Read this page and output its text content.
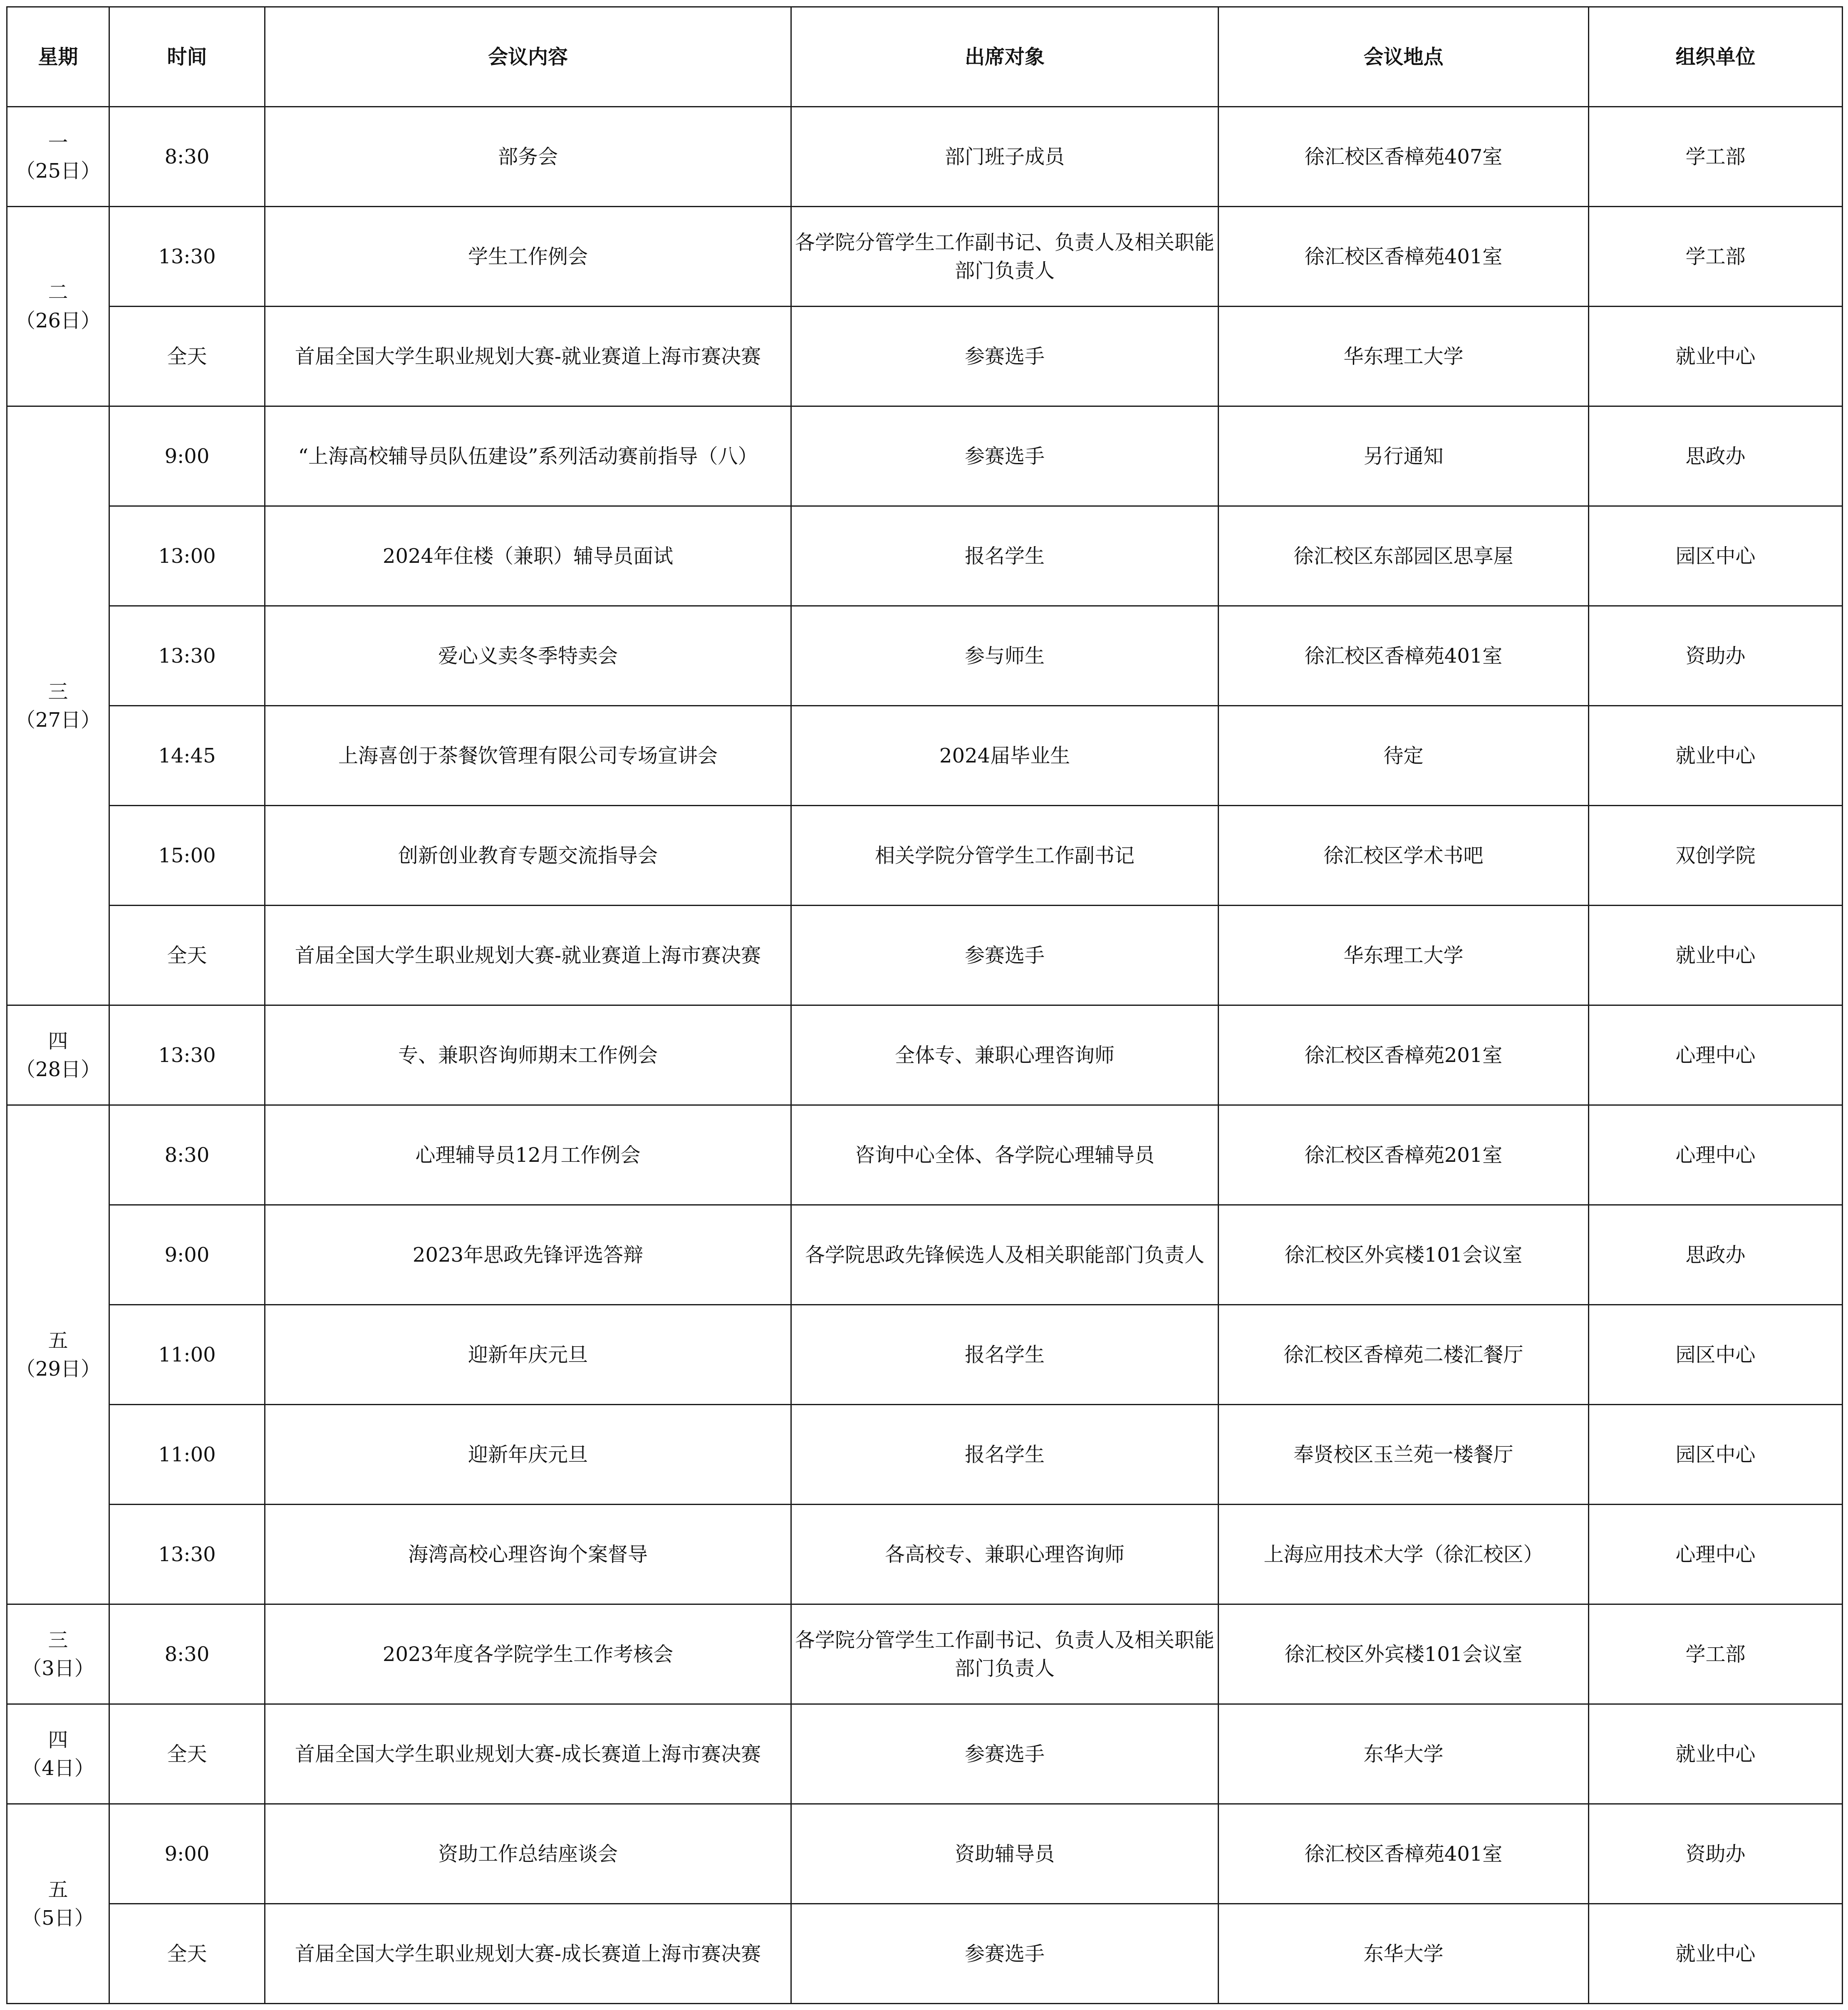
星期	时间	会议内容	出席对象	会议地点	组织单位

一
（25日）	8:30	部务会	部门班子成员	徐汇校区香樟苑407室	学工部

二
（26日）	13:30	学生工作例会	各学院分管学生工作副书记、负责人及相关职能部门负责人	徐汇校区香樟苑401室	学工部
	全天	首届全国大学生职业规划大赛-就业赛道上海市赛决赛	参赛选手	华东理工大学	就业中心

三
（27日）	9:00	“上海高校辅导员队伍建设”系列活动赛前指导（八）	参赛选手	另行通知	思政办
	13:00	2024年住楼（兼职）辅导员面试	报名学生	徐汇校区东部园区思享屋	园区中心
	13:30	爱心义卖冬季特卖会	参与师生	徐汇校区香樟苑401室	资助办
	14:45	上海喜创于茶餐饮管理有限公司专场宣讲会	2024届毕业生	待定	就业中心
	15:00	创新创业教育专题交流指导会	相关学院分管学生工作副书记	徐汇校区学术书吧	双创学院
	全天	首届全国大学生职业规划大赛-就业赛道上海市赛决赛	参赛选手	华东理工大学	就业中心

四
（28日）	13:30	专、兼职咨询师期末工作例会	全体专、兼职心理咨询师	徐汇校区香樟苑201室	心理中心

五
（29日）	8:30	心理辅导员12月工作例会	咨询中心全体、各学院心理辅导员	徐汇校区香樟苑201室	心理中心
	9:00	2023年思政先锋评选答辩	各学院思政先锋候选人及相关职能部门负责人	徐汇校区外宾楼101会议室	思政办
	11:00	迎新年庆元旦	报名学生	徐汇校区香樟苑二楼汇餐厅	园区中心
	11:00	迎新年庆元旦	报名学生	奉贤校区玉兰苑一楼餐厅	园区中心
	13:30	海湾高校心理咨询个案督导	各高校专、兼职心理咨询师	上海应用技术大学（徐汇校区）	心理中心

三
（3日）	8:30	2023年度各学院学生工作考核会	各学院分管学生工作副书记、负责人及相关职能部门负责人	徐汇校区外宾楼101会议室	学工部

四
（4日）	全天	首届全国大学生职业规划大赛-成长赛道上海市赛决赛	参赛选手	东华大学	就业中心

五
（5日）	9:00	资助工作总结座谈会	资助辅导员	徐汇校区香樟苑401室	资助办
	全天	首届全国大学生职业规划大赛-成长赛道上海市赛决赛	参赛选手	东华大学	就业中心
